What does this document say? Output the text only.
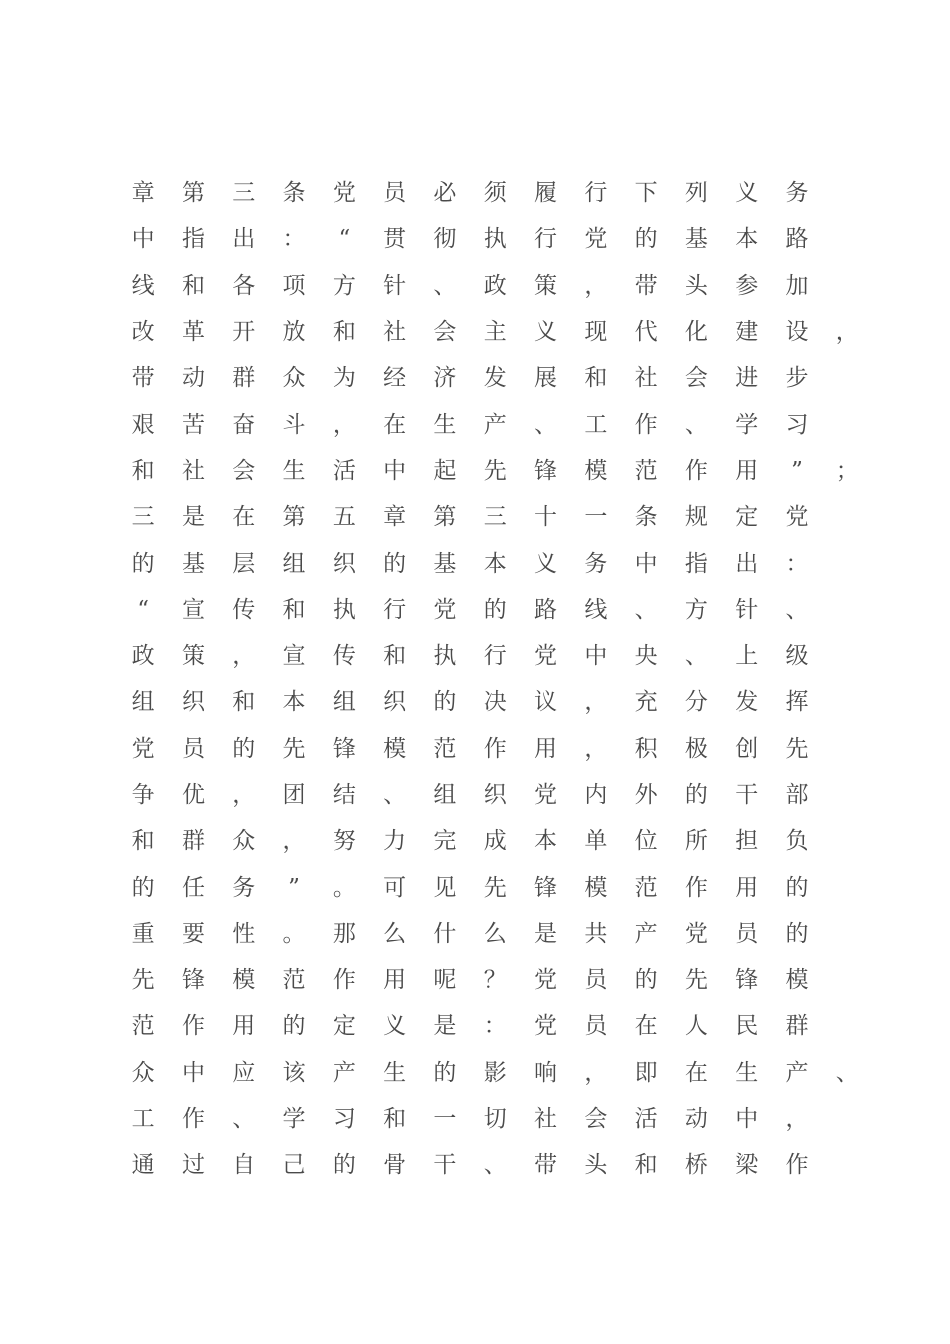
章	第	三	条	党	员	必	须	履	行	下	列	义	务
中	指	出	：	“	贯	彻	执	行	党	的	基	本	路
线	和	各	项	方	针	、	政	策	，	带	头	参	加
改	革	开	放	和	社	会	主	义	现	代	化	建	设	，
带	动	群	众	为	经	济	发	展	和	社	会	进	步
艰	苦	奋	斗	，	在	生	产	、	工	作	、	学	习
和	社	会	生	活	中	起	先	锋	模	范	作	用	”	；
三	是	在	第	五	章	第	三	十	一	条	规	定	党
的	基	层	组	织	的	基	本	义	务	中	指	出	：
“	宣	传	和	执	行	党	的	路	线	、	方	针	、
政	策	，	宣	传	和	执	行	党	中	央	、	上	级
组	织	和	本	组	织	的	决	议	，	充	分	发	挥
党	员	的	先	锋	模	范	作	用	，	积	极	创	先
争	优	，	团	结	、	组	织	党	内	外	的	干	部
和	群	众	，	努	力	完	成	本	单	位	所	担	负
的	任	务	”	。	可	见	先	锋	模	范	作	用	的
重	要	性	。	那	么	什	么	是	共	产	党	员	的
先	锋	模	范	作	用	呢	？	党	员	的	先	锋	模
范	作	用	的	定	义	是	：	党	员	在	人	民	群
众	中	应	该	产	生	的	影	响	，	即	在	生	产	、
工	作	、	学	习	和	一	切	社	会	活	动	中	，
通	过	自	己	的	骨	干	、	带	头	和	桥	梁	作
